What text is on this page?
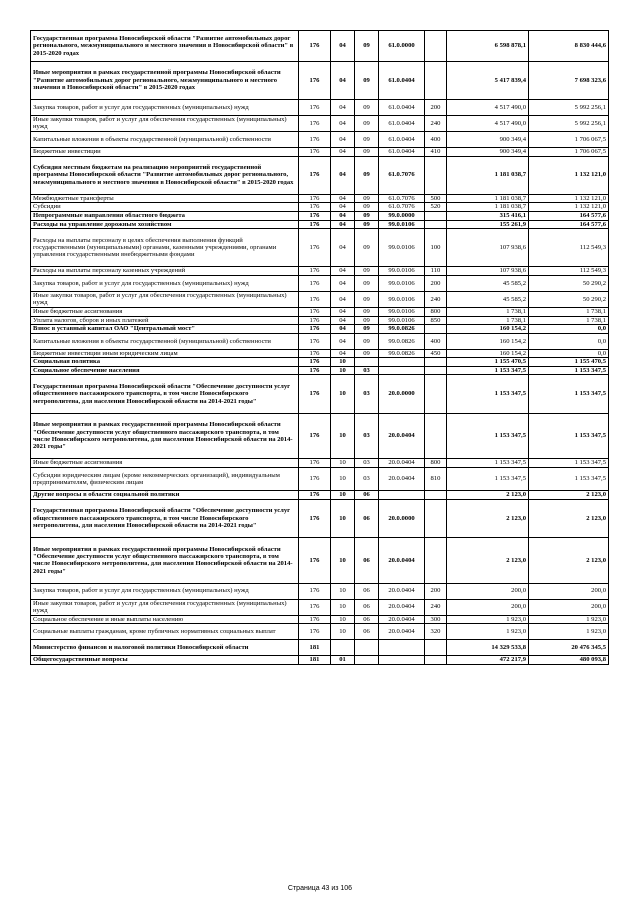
Государственная программа Новосибирской области "Развитие автомобильных дорог регионального, межмуниципального и местного значения в Новосибирской области" в 2015-2020 годах	176	04	09	61.0.0000		6 598 878,1	8 830 444,6
Иные мероприятия в рамках государственной программы Новосибирской области "Развитие автомобильных дорог регионального, межмуниципального и местного значения в Новосибирской области" в 2015-2020 годах	176	04	09	61.0.0404		5 417 839,4	7 698 323,6
Закупка товаров, работ и услуг для государственных (муниципальных) нужд	176	04	09	61.0.0404	200	4 517 490,0	5 992 256,1
Иные закупки товаров, работ и услуг для обеспечения государственных (муниципальных) нужд	176	04	09	61.0.0404	240	4 517 490,0	5 992 256,1
Капитальные вложения в объекты государственной (муниципальной) собственности	176	04	09	61.0.0404	400	900 349,4	1 706 067,5
Бюджетные инвестиции	176	04	09	61.0.0404	410	900 349,4	1 706 067,5
Субсидия местным бюджетам на реализацию мероприятий государственной программы Новосибирской области "Развитие автомобильных дорог регионального, межмуниципального и местного значения в Новосибирской области" в 2015-2020 годах	176	04	09	61.0.7076		1 181 038,7	1 132 121,0
Межбюджетные трансферты	176	04	09	61.0.7076	500	1 181 038,7	1 132 121,0
Субсидии	176	04	09	61.0.7076	520	1 181 038,7	1 132 121,0
Непрограммные направления областного бюджета	176	04	09	99.0.0000		315 416,1	164 577,6
Расходы на управление дорожным хозяйством	176	04	09	99.0.0106		155 261,9	164 577,6
Расходы на выплаты персоналу в целях обеспечения выполнения функций государственными (муниципальными) органами, казенными учреждениями, органами управления государственными внебюджетными фондами	176	04	09	99.0.0106	100	107 938,6	112 549,3
Расходы на выплаты персоналу казенных учреждений	176	04	09	99.0.0106	110	107 938,6	112 549,3
Закупка товаров, работ и услуг для государственных (муниципальных) нужд	176	04	09	99.0.0106	200	45 585,2	50 290,2
Иные закупки товаров, работ и услуг для обеспечения государственных (муниципальных) нужд	176	04	09	99.0.0106	240	45 585,2	50 290,2
Иные бюджетные ассигнования	176	04	09	99.0.0106	800	1 738,1	1 738,1
Уплата налогов, сборов и иных платежей	176	04	09	99.0.0106	850	1 738,1	1 738,1
Взнос в уставный капитал ОАО "Центральный мост"	176	04	09	99.0.0826		160 154,2	0,0
Капитальные вложения в объекты государственной (муниципальной) собственности	176	04	09	99.0.0826	400	160 154,2	0,0
Бюджетные инвестиции иным юридическим лицам	176	04	09	99.0.0826	450	160 154,2	0,0
Социальная политика	176	10				1 155 470,5	1 155 470,5
Социальное обеспечение населения	176	10	03			1 153 347,5	1 153 347,5
Государственная программа Новосибирской области "Обеспечение доступности услуг общественного пассажирского транспорта, в том числе Новосибирского метрополитена, для населения Новосибирской области на 2014-2021 годы"	176	10	03	20.0.0000		1 153 347,5	1 153 347,5
Иные мероприятия в рамках государственной программы Новосибирской области "Обеспечение доступности услуг общественного пассажирского транспорта, в том числе Новосибирского метрополитена, для населения Новосибирской области на 2014-2021 годы"	176	10	03	20.0.0404		1 153 347,5	1 153 347,5
Иные бюджетные ассигнования	176	10	03	20.0.0404	800	1 153 347,5	1 153 347,5
Субсидии юридическим лицам (кроме некоммерческих организаций), индивидуальным предпринимателям, физическим лицам	176	10	03	20.0.0404	810	1 153 347,5	1 153 347,5
Другие вопросы в области социальной политики	176	10	06			2 123,0	2 123,0
Государственная программа Новосибирской области "Обеспечение доступности услуг общественного пассажирского транспорта, в том числе Новосибирского метрополитена, для населения Новосибирской области на 2014-2021 годы"	176	10	06	20.0.0000		2 123,0	2 123,0
Иные мероприятия в рамках государственной программы Новосибирской области "Обеспечение доступности услуг общественного пассажирского транспорта, в том числе Новосибирского метрополитена, для населения Новосибирской области на 2014-2021 годы"	176	10	06	20.0.0404		2 123,0	2 123,0
Закупка товаров, работ и услуг для государственных (муниципальных) нужд	176	10	06	20.0.0404	200	200,0	200,0
Иные закупки товаров, работ и услуг для обеспечения государственных (муниципальных) нужд	176	10	06	20.0.0404	240	200,0	200,0
Социальное обеспечение и иные выплаты населению	176	10	06	20.0.0404	300	1 923,0	1 923,0
Социальные выплаты гражданам, кроме публичных нормативных социальных выплат	176	10	06	20.0.0404	320	1 923,0	1 923,0
Министерство финансов и налоговой политики Новосибирской области	181					14 329 533,8	20 476 345,5
Общегосударственные вопросы	181	01				472 217,9	480 093,8
Страница 43 из 106
